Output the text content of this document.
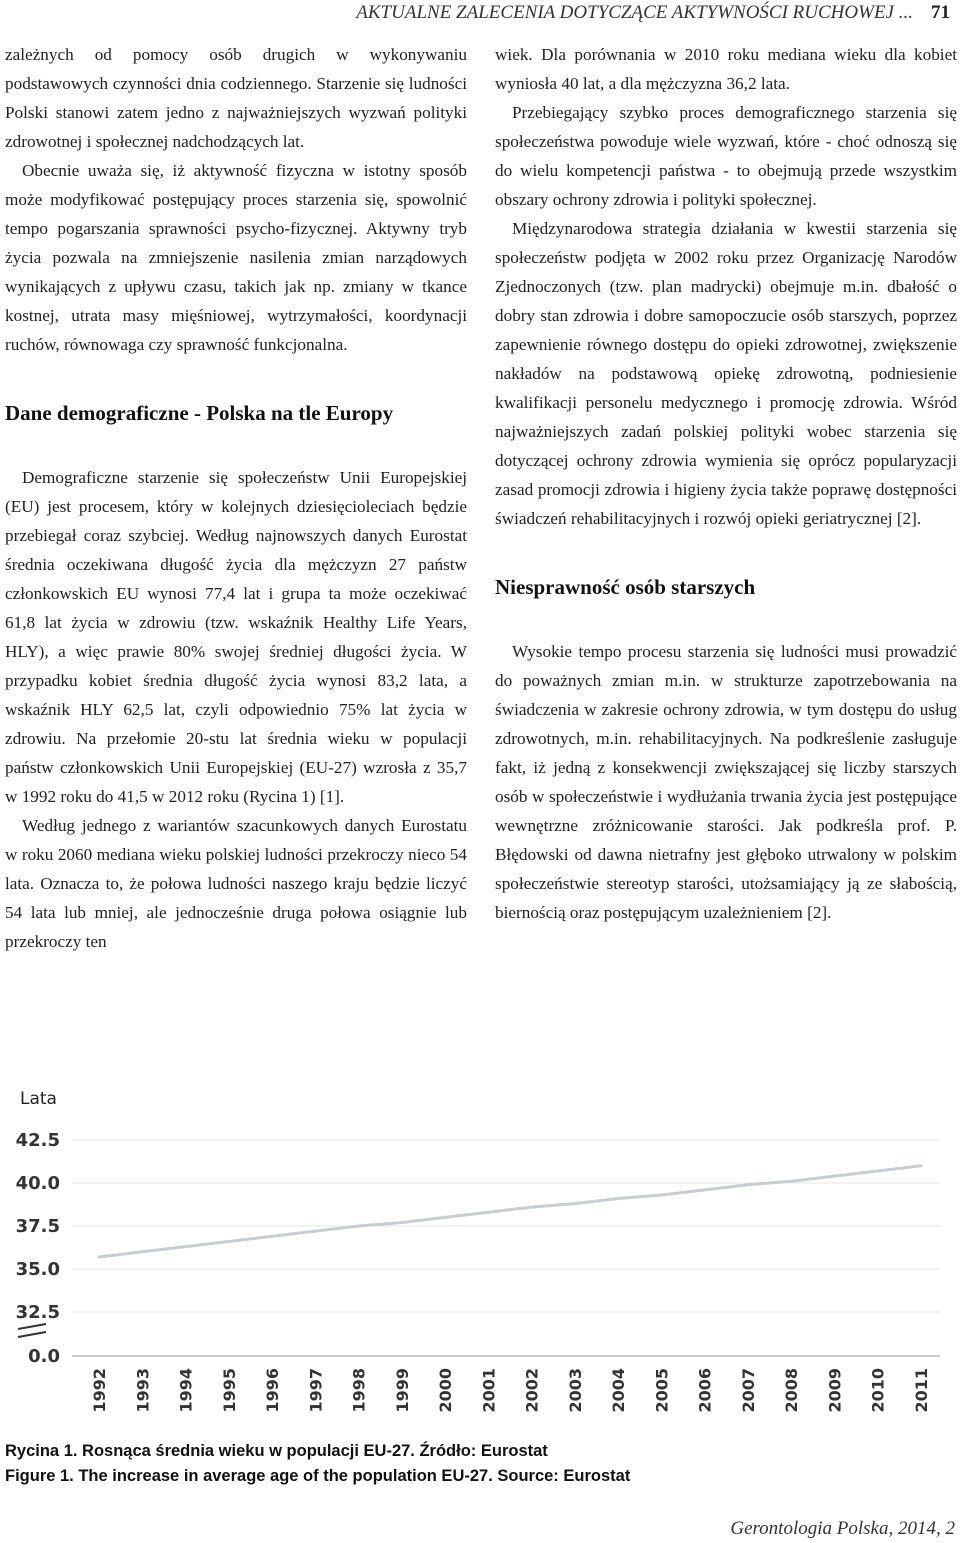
AKTUALNE ZALECENIA DOTYCZĄCE AKTYWNOŚCI RUCHOWEJ ... 71

zależnych od pomocy osób drugich w wykonywaniu podstawowych czynności dnia codziennego. Starzenie się ludności Polski stanowi zatem jedno z najważniejszych wyzwań polityki zdrowotnej i społecznej nadchodzących lat.

Obecnie uważa się, iż aktywność fizyczna w istotny sposób może modyfikować postępujący proces starzenia się, spowolnić tempo pogarszania sprawności psycho-fizycznej. Aktywny tryb życia pozwala na zmniejszenie nasilenia zmian narządowych wynikających z upływu czasu, takich jak np. zmiany w tkance kostnej, utrata masy mięśniowej, wytrzymałości, koordynacji ruchów, równowaga czy sprawność funkcjonalna.

Dane demograficzne - Polska na tle Europy

Demograficzne starzenie się społeczeństw Unii Europejskiej (EU) jest procesem, który w kolejnych dziesięcioleciach będzie przebiegał coraz szybciej. Według najnowszych danych Eurostat średnia oczekiwana długość życia dla mężczyzn 27 państw członkowskich EU wynosi 77,4 lat i grupa ta może oczekiwać 61,8 lat życia w zdrowiu (tzw. wskaźnik Healthy Life Years, HLY), a więc prawie 80% swojej średniej długości życia. W przypadku kobiet średnia długość życia wynosi 83,2 lata, a wskaźnik HLY 62,5 lat, czyli odpowiednio 75% lat życia w zdrowiu. Na przełomie 20-stu lat średnia wieku w populacji państw członkowskich Unii Europejskiej (EU-27) wzrosła z 35,7 w 1992 roku do 41,5 w 2012 roku (Rycina 1) [1].

Według jednego z wariantów szacunkowych danych Eurostatu w roku 2060 mediana wieku polskiej ludności przekroczy nieco 54 lata. Oznacza to, że połowa ludności naszego kraju będzie liczyć 54 lata lub mniej, ale jednocześnie druga połowa osiągnie lub przekroczy ten

wiek. Dla porównania w 2010 roku mediana wieku dla kobiet wyniosła 40 lat, a dla mężczyzna 36,2 lata.

Przebiegający szybko proces demograficznego starzenia się społeczeństwa powoduje wiele wyzwań, które - choć odnoszą się do wielu kompetencji państwa - to obejmują przede wszystkim obszary ochrony zdrowia i polityki społecznej.

Międzynarodowa strategia działania w kwestii starzenia się społeczeństw podjęta w 2002 roku przez Organizację Narodów Zjednoczonych (tzw. plan madrycki) obejmuje m.in. dbałość o dobry stan zdrowia i dobre samopoczucie osób starszych, poprzez zapewnienie równego dostępu do opieki zdrowotnej, zwiększenie nakładów na podstawową opiekę zdrowotną, podniesienie kwalifikacji personelu medycznego i promocję zdrowia. Wśród najważniejszych zadań polskiej polityki wobec starzenia się dotyczącej ochrony zdrowia wymienia się oprócz popularyzacji zasad promocji zdrowia i higieny życia także poprawę dostępności świadczeń rehabilitacyjnych i rozwój opieki geriatrycznej [2].

Niesprawność osób starszych

Wysokie tempo procesu starzenia się ludności musi prowadzić do poważnych zmian m.in. w strukturze zapotrzebowania na świadczenia w zakresie ochrony zdrowia, w tym dostępu do usług zdrowotnych, m.in. rehabilitacyjnych. Na podkreślenie zasługuje fakt, iż jedną z konsekwencji zwiększającej się liczby starszych osób w społeczeństwie i wydłużania trwania życia jest postępujące wewnętrzne zróżnicowanie starości. Jak podkreśla prof. P. Błędowski od dawna nietrafny jest głęboko utrwalony w polskim społeczeństwie stereotyp starości, utożsamiający ją ze słabością, biernością oraz postępującym uzależnieniem [2].

Lata
42.5
40.0
37.5
35.0
32.5
0.0
1992 1993 1994 1995 1996 1997 1998 1999 2000 2001 2002 2003 2004 2005 2006 2007 2008 2009 2010 2011
Rycina 1. Rosnąca średnia wieku w populacji EU-27. Źródło: Eurostat
Figure 1. The increase in average age of the population EU-27. Source: Eurostat
Gerontologia Polska, 2014, 2
